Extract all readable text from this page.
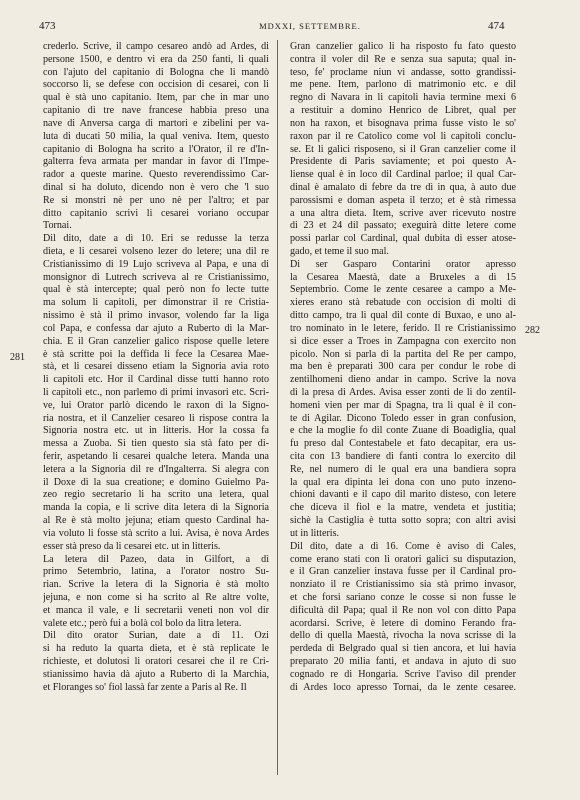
473	MDXXI, SETTEMBRE.	474
crederlo. Scrive, il campo cesareo andò ad Ardes, di
persone 1500, e dentro vi era da 250 fanti, li quali
con l'ajuto del capitanio di Bologna che li mandò
soccorso li, se defese con occision di cesarei, con li
qual è stà uno capitanio. Item, par che in mar uno
capitanio di tre nave francese habbia preso una
nave di Anversa carga di martori e zibelini per va-
luta di ducati 50 milia, la qual veniva. Item, questo
capitanio di Bologna ha scrito a l'Orator, il re d'In-
galterra feva armata per mandar in favor di l'Impe-
rador a queste marine. Questo reverendissimo Car-
dinal si ha doluto, dicendo non è vero che 'l suo
Re si monstri nè per uno nè per l'altro; et par
ditto capitanio scrivi li cesarei voriano occupar
Tornai.
Dil dito, date a dì 10. Eri se redusse la terza
dieta, e li cesarei volseno lezer do letere; una dil re
Cristianissimo di 19 Lujo scriveva al Papa, e una di
monsignor di Lutrech scriveva al re Cristianissimo,
qual è stà intercepte; qual però non fo lecte tutte
ma solum li capitoli, per dimonstrar il re Cristia-
nissimo è stà il primo invasor, volendo far la liga
col Papa, e confessa dar ajuto a Ruberto di la Mar-
chia. E il Gran canzelier galico rispose quelle letere
è stà scritte poi la deffida li fece la Cesarea Mae-
stà, et li cesarei disseno etiam la Signoria avia roto
li capitoli etc. Hor il Cardinal disse tutti hanno roto
li capitoli etc., non parlemo di primi invasori etc. Scri-
ve, lui Orator parlò dicendo le raxon di la Signo-
ria nostra, et il Canzelier cesareo li rispose contra la
Signoria nostra etc. ut in litteris. Hor la cossa fa
messa a Zuoba. Si tien questo sia stà fato per di-
ferir, aspetando li cesarei qualche letera. Manda una
letera a la Signoria dil re d'Ingalterra. Si alegra con
il Doxe di la sua creatione; e domino Guielmo Pa-
zeo regio secretario li ha scrito una letera, qual
manda la copia, e li scrive dita letera di la Signoria
al Re è stà molto jejuna; etiam questo Cardinal ha-
via voluto li fosse stà scrito a lui. Avisa, è nova Ardes
esser stà preso da li cesarei etc. ut in litteris.
La letera dil Pazeo, data in Gilfort, a dì
primo Setembrio, latina, a l'orator nostro Su-
rian. Scrive la letera di la Signoria è stà molto
jejuna, e non come si ha scrito al Re altre volte,
et manca il vale, e li secretarii veneti non vol dir
valete etc.; però fui a bolà col bolo da litra letera.
Dil dito orator Surian, date a dì 11. Ozi
si ha reduto la quarta dieta, et è stà replicate le
richieste, et dolutosi li oratori cesarei che il re Cri-
stianissimo havia dà ajuto a Ruberto di la Marchia,
et Floranges so' fiol lassà far zente a Paris al Re. Il
Gran canzelier galico li ha risposto fu fato questo
contra il voler dil Re e senza sua saputa; qual in-
teso, fe' proclame niun vi andasse, sotto grandissi-
me pene. Item, parlono di matrimonio etc. e dil
regno di Navara in li capitoli havia termine mexi 6
a restituir a domino Henrico de Libret, qual per
non ha raxon, et bisognava prima fusse visto le so'
raxon par il re Catolico come vol li capitoli conclu-
se. Et li galici risposeno, si il Gran canzelier come il
Presidente di Paris saviamente; et poi questo A-
liense qual è in loco dil Cardinal parloe; il qual Car-
dinal è amalato di febre da tre dì in qua, à auto due
parossismi e doman aspeta il terzo; et è stà rimessa
a una altra dieta. Item, scrive aver ricevuto nostre
di 23 et 24 dil passato; exeguirà ditte letere come
possi parlar col Cardinal, qual dubita di esser atose-
gado, et teme il suo mal.
Di ser Gasparo Contarini orator apresso
la Cesarea Maestà, date a Bruxeles a dì 15
Septembrio. Come le zente cesaree a campo a Me-
xieres erano stà rebatude con occision di molti di
ditto campo, tra li qual dil conte di Buxao, e uno al-
tro nominato in le letere, ferido. Il re Cristianissimo
si dice esser a Troes in Zampagna con exercito non
picolo. Non si parla di la partita del Re per campo,
ma ben è preparati 300 cara per condur le robe di
zentilhomeni dieno andar in campo. Scrive la nova
di la presa di Ardes. Avisa esser zonti de li do zentil-
homeni vien per mar di Spagna, tra li qual è il con-
te di Agilar. Dicono Toledo esser in gran confusion,
e che la moglie fo dil conte Zuane di Boadiglia, qual
fu preso dal Contestabele et fato decapitar, era us-
cita con 13 bandiere di fanti contra lo exercito dil
Re, nel numero di le qual era una bandiera sopra
la qual era dipinta lei dona con uno puto inzeno-
chioni davanti e il capo dil marito disteso, con letere
che diceva il fiol e la matre, vendeta et justitia;
sichè la Castiglia è tutta sotto sopra; con altri avisi
ut in litteris.
Dil dito, date a dì 16. Come è aviso di Cales,
come erano stati con li oratori galici su disputazion,
e il Gran canzelier instava fusse per il Cardinal pro-
nonziato il re Cristianissimo sia stà primo invasor,
et che forsi sariano conze le cosse si non fusse le
dificultà dil Papa; qual il Re non vol con ditto Papa
acordarsi. Scrive, è letere di domino Ferando fra-
dello di quella Maestà, rivocha la nova scrisse di la
perdeda di Belgrado qual si tien ancora, et lui havia
preparato 20 milia fanti, et andava in ajuto di suo
cognado re di Hongaria. Scrive l'aviso dil prender
di Ardes loco apresso Tornai, da le zente cesaree.
281
282
